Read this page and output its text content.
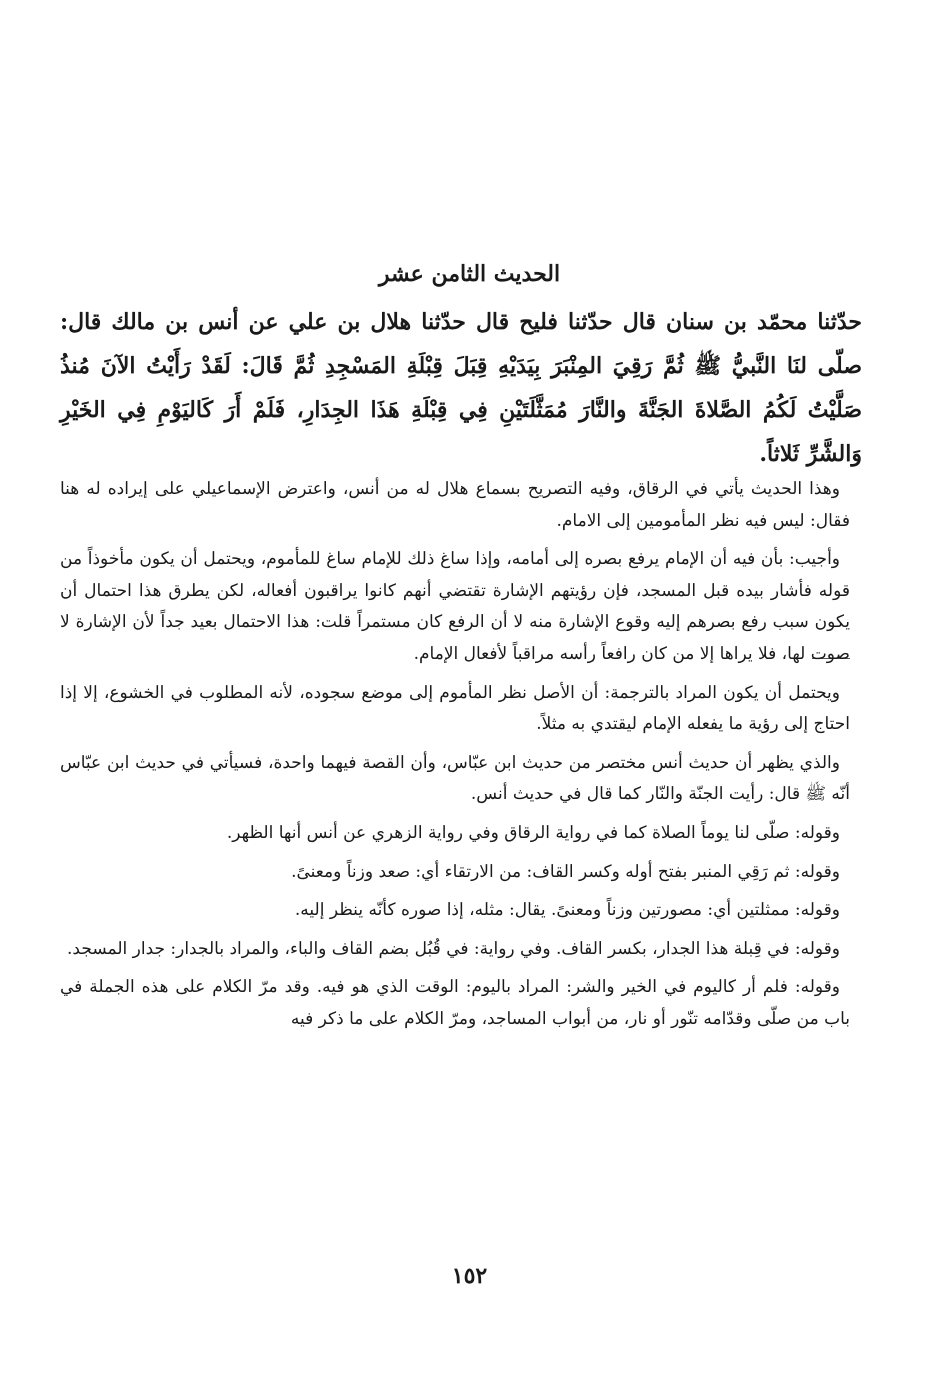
الحديث الثامن عشر

حدّثنا محمّد بن سنان قال حدّثنا فليح قال حدّثنا هلال بن علي عن أنس بن مالك قال: صلّى لنَا النَّبيُّ ﷺ ثُمَّ رَقِيَ المِنْبَرَ بِيَدَيْهِ قِبَلَ قِبْلَةِ المَسْجِدِ ثُمَّ قَالَ: لَقَدْ رَأَيْتُ الآنَ مُنذُ صَلَّيْتُ لَكُمُ الصَّلاةَ الجَنَّةَ والنَّارَ مُمَثَّلَتَيْنِ فِي قِبْلَةِ هَذَا الجِدَارِ، فَلَمْ أَرَ كَاليَوْمِ فِي الخَيْرِ وَالشَّرِّ ثَلاثاً.

وهذا الحديث يأتي في الرقاق، وفيه التصريح بسماع هلال له من أنس، واعترض الإسماعيلي على إيراده له هنا فقال: ليس فيه نظر المأمومين إلى الامام.

وأجيب: بأن فيه أن الإمام يرفع بصره إلى أمامه، وإذا ساغ ذلك للإمام ساغ للمأموم، ويحتمل أن يكون مأخوذاً من قوله فأشار بيده قبل المسجد، فإن رؤيتهم الإشارة تقتضي أنهم كانوا يراقبون أفعاله، لكن يطرق هذا احتمال أن يكون سبب رفع بصرهم إليه وقوع الإشارة منه لا أن الرفع كان مستمراً قلت: هذا الاحتمال بعيد جداً لأن الإشارة لا صوت لها، فلا يراها إلا من كان رافعاً رأسه مراقباً لأفعال الإمام.

ويحتمل أن يكون المراد بالترجمة: أن الأصل نظر المأموم إلى موضع سجوده، لأنه المطلوب في الخشوع، إلا إذا احتاج إلى رؤية ما يفعله الإمام ليقتدي به مثلاً.

والذي يظهر أن حديث أنس مختصر من حديث ابن عبّاس، وأن القصة فيهما واحدة، فسيأتي في حديث ابن عبّاس أنّه ﷺ قال: رأيت الجنّة والنّار كما قال في حديث أنس.

وقوله: صلّى لنا يوماً الصلاة كما في رواية الرقاق وفي رواية الزهري عن أنس أنها الظهر.

وقوله: ثم رَقِي المنبر بفتح أوله وكسر القاف: من الارتقاء أي: صعد وزناً ومعنىً.

وقوله: ممثلتين أي: مصورتين وزناً ومعنىً. يقال: مثله، إذا صوره كأنّه ينظر إليه.

وقوله: في قِبلة هذا الجدار، بكسر القاف. وفي رواية: في قُبُل بضم القاف والباء، والمراد بالجدار: جدار المسجد.

وقوله: فلم أر كاليوم في الخير والشر: المراد باليوم: الوقت الذي هو فيه. وقد مرّ الكلام على هذه الجملة في باب من صلّى وقدّامه تنّور أو نار، من أبواب المساجد، ومرّ الكلام على ما ذكر فيه

١٥٢
